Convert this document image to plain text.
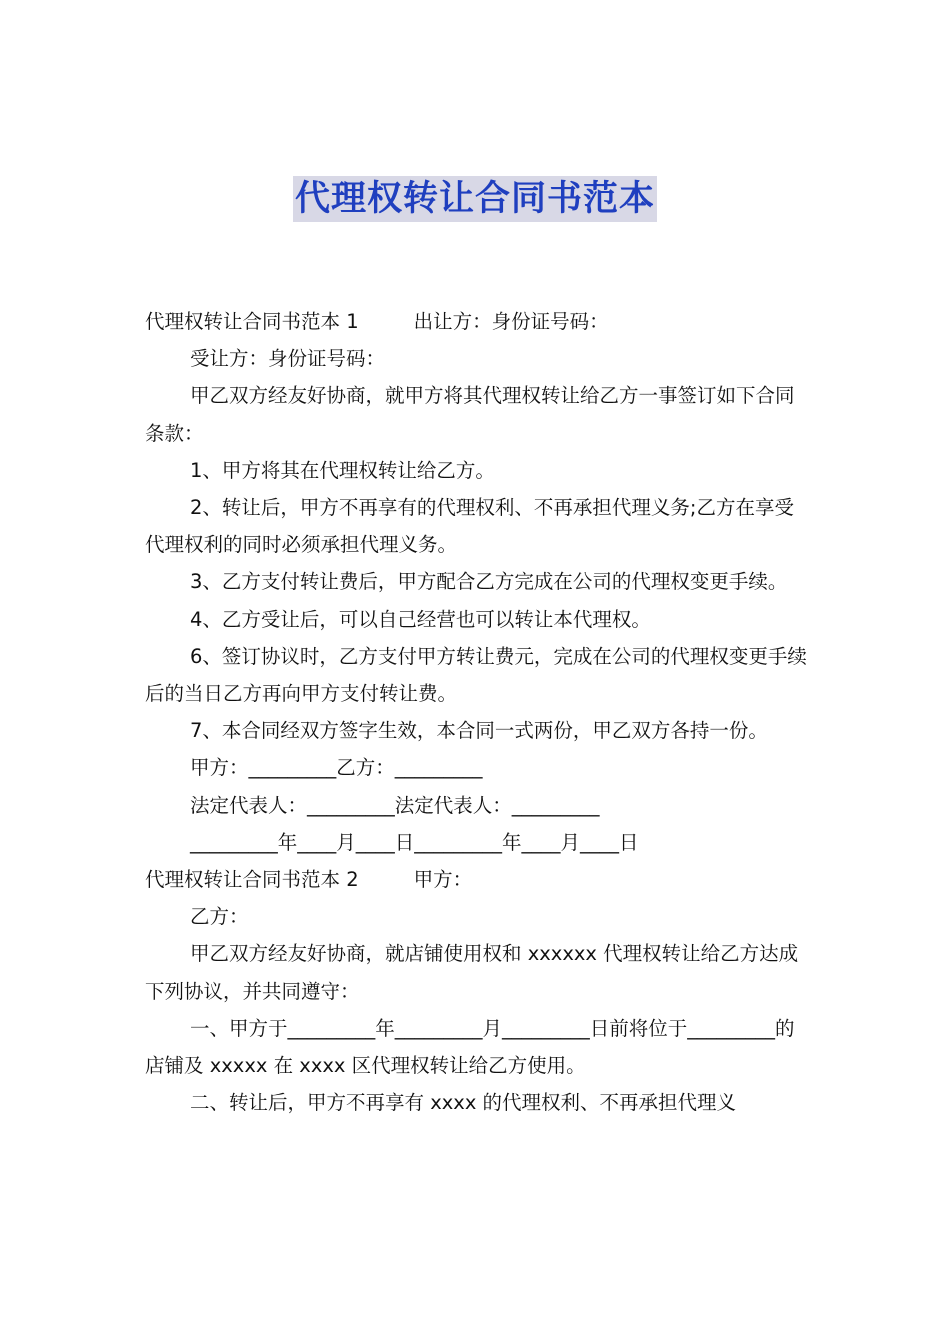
代理权转让合同书范本

代理权转让合同书范本 1	出让方：身份证号码：

受让方：身份证号码：

甲乙双方经友好协商，就甲方将其代理权转让给乙方一事签订如下合同条款：

1、甲方将其在代理权转让给乙方。

2、转让后，甲方不再享有的代理权利、不再承担代理义务;乙方在享受代理权利的同时必须承担代理义务。

3、乙方支付转让费后，甲方配合乙方完成在公司的代理权变更手续。

4、乙方受让后，可以自己经营也可以转让本代理权。

6、签订协议时，乙方支付甲方转让费元，完成在公司的代理权变更手续后的当日乙方再向甲方支付转让费。

7、本合同经双方签字生效，本合同一式两份，甲乙双方各持一份。

甲方：_________乙方：_________

法定代表人：_________法定代表人：_________

_________年____月____日_________年____月____日

代理权转让合同书范本 2	甲方：

乙方：

甲乙双方经友好协商，就店铺使用权和 xxxxxx 代理权转让给乙方达成下列协议，并共同遵守：

一、甲方于_________年_________月_________日前将位于_________的店铺及 xxxxx 在 xxxx 区代理权转让给乙方使用。

二、转让后，甲方不再享有 xxxx 的代理权利、不再承担代理义
